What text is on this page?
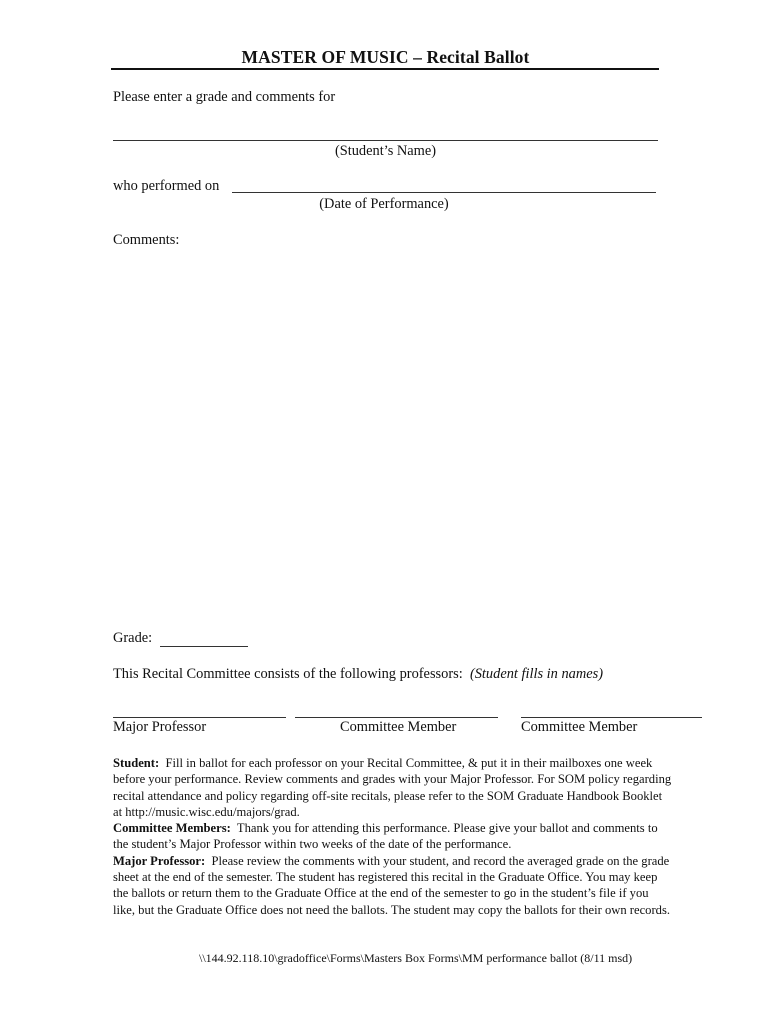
MASTER OF MUSIC – Recital Ballot
Please enter a grade and comments for
(Student’s Name)
who performed on
(Date of Performance)
Comments:
Grade:
This Recital Committee consists of the following professors: (Student fills in names)
Major Professor	Committee Member	Committee Member
Student: Fill in ballot for each professor on your Recital Committee, & put it in their mailboxes one week before your performance. Review comments and grades with your Major Professor. For SOM policy regarding recital attendance and policy regarding off-site recitals, please refer to the SOM Graduate Handbook Booklet at http://music.wisc.edu/majors/grad.
Committee Members: Thank you for attending this performance. Please give your ballot and comments to the student’s Major Professor within two weeks of the date of the performance.
Major Professor: Please review the comments with your student, and record the averaged grade on the grade sheet at the end of the semester. The student has registered this recital in the Graduate Office. You may keep the ballots or return them to the Graduate Office at the end of the semester to go in the student’s file if you like, but the Graduate Office does not need the ballots. The student may copy the ballots for their own records.
\\144.92.118.10\gradoffice\Forms\Masters Box Forms\MM performance ballot (8/11 msd)
